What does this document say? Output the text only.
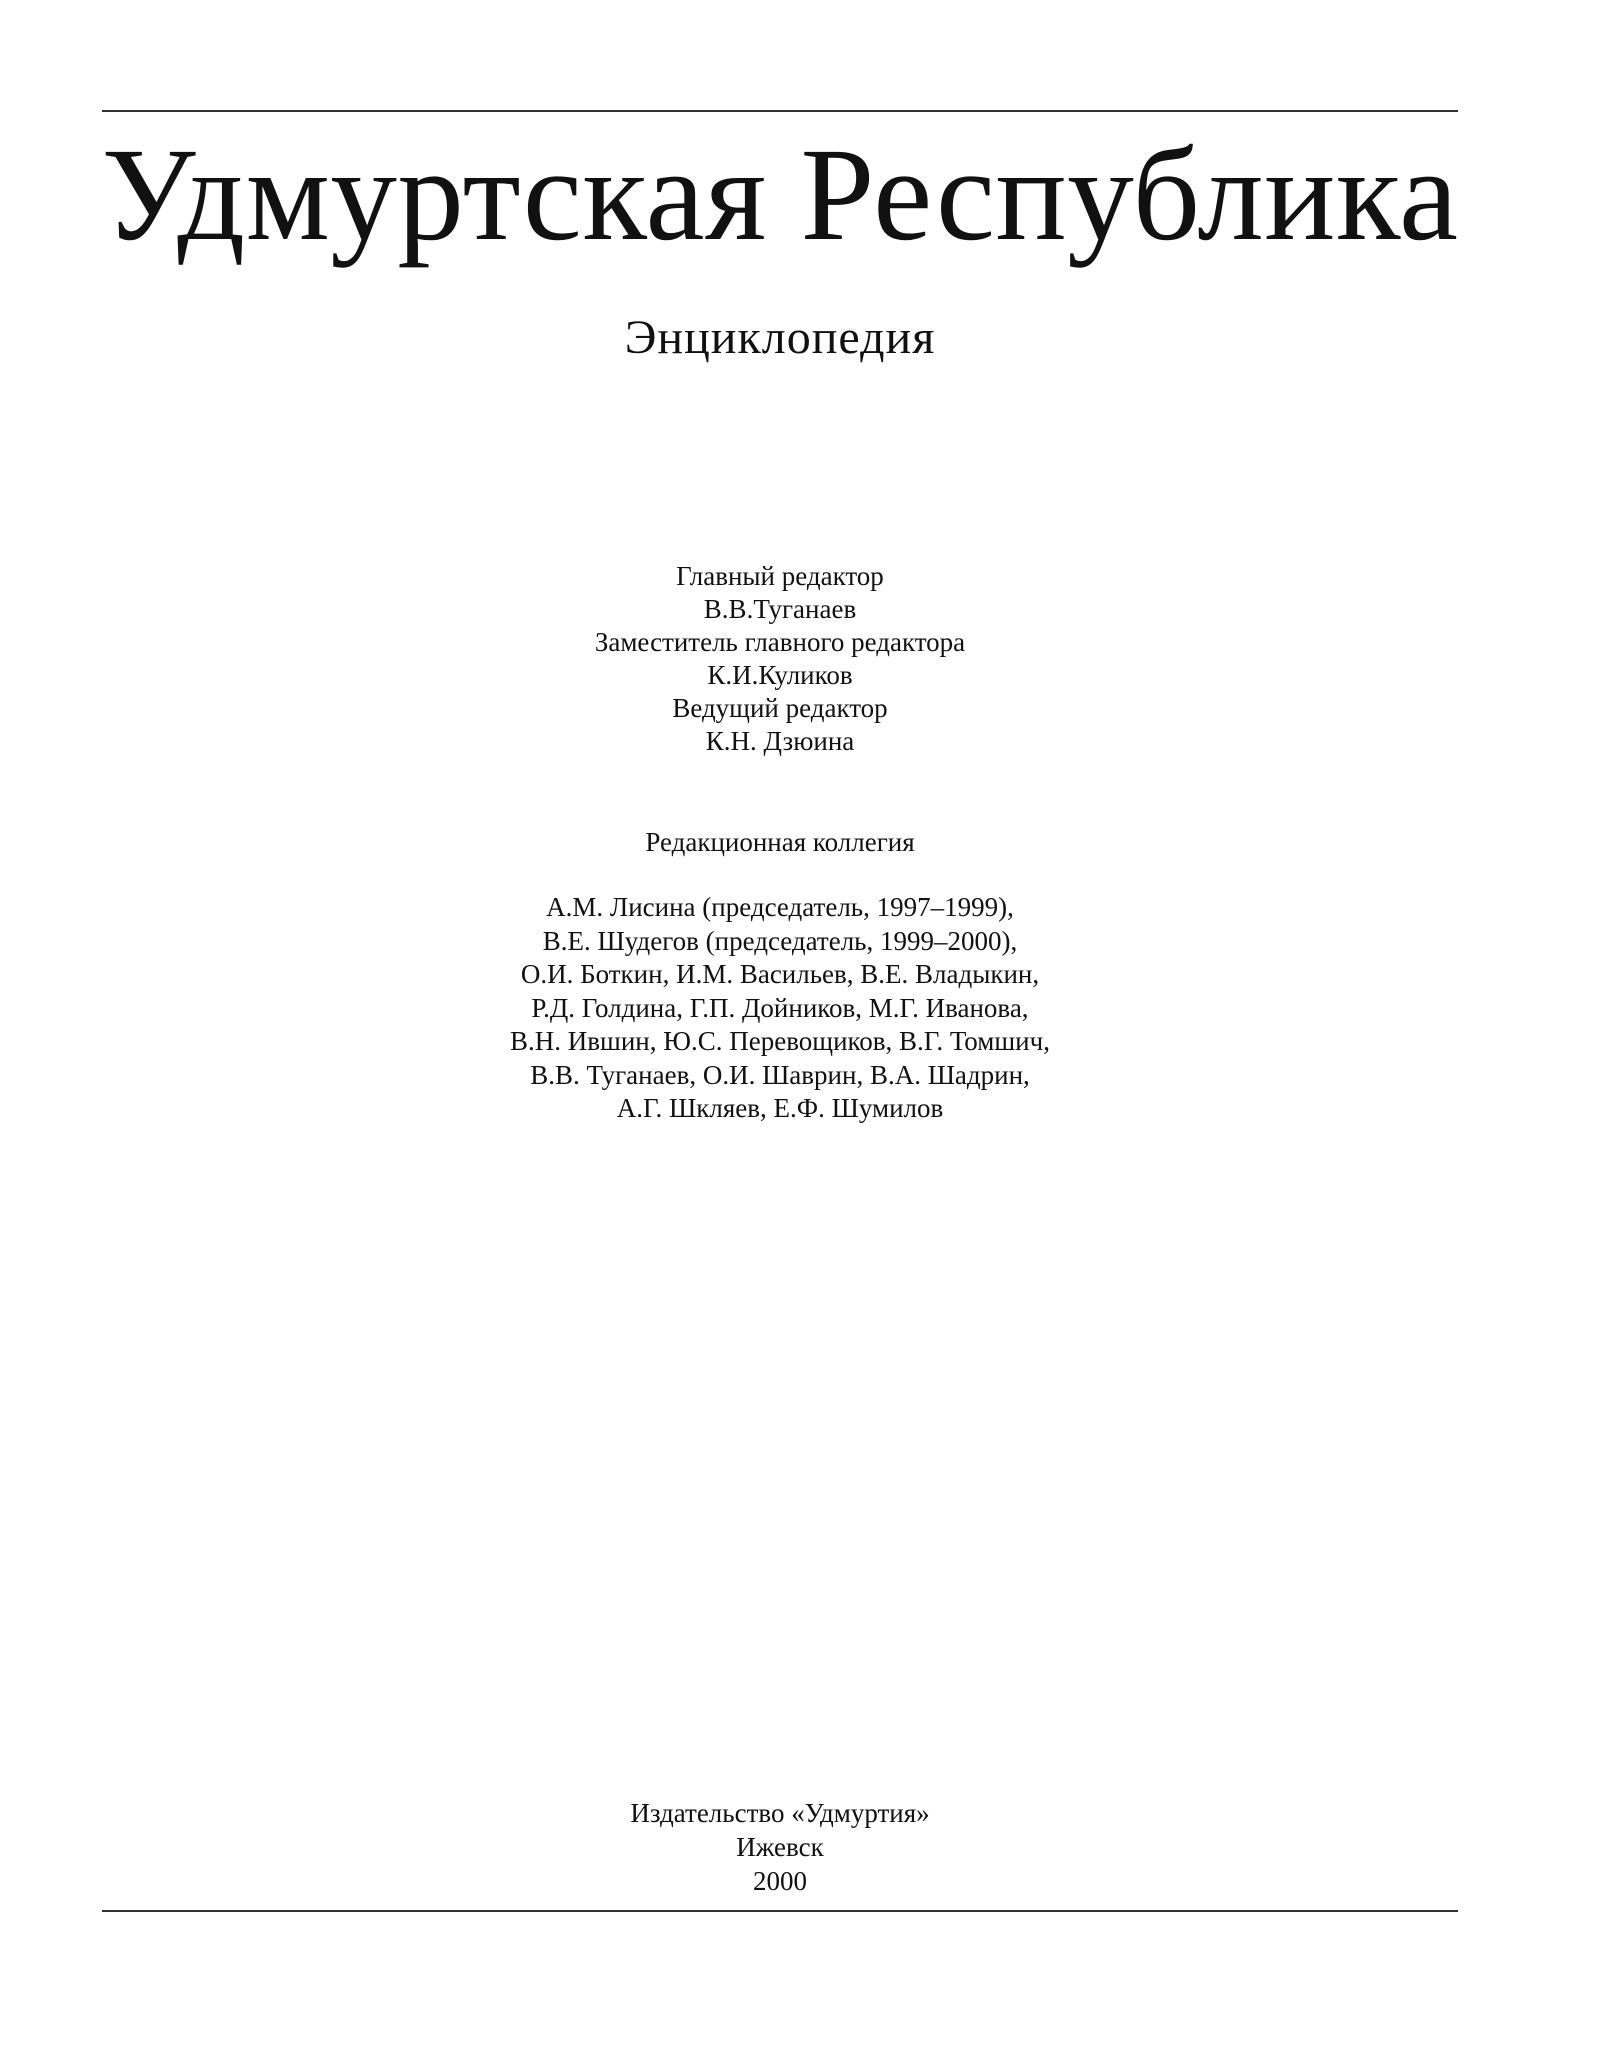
Удмуртская Республика
Энциклопедия
Главный редактор
В.В.Туганаев
Заместитель главного редактора
К.И.Куликов
Ведущий редактор
К.Н. Дзюина
Редакционная коллегия
А.М. Лисина (председатель, 1997–1999),
В.Е. Шудегов (председатель, 1999–2000),
О.И. Боткин, И.М. Васильев, В.Е. Владыкин,
Р.Д. Голдина, Г.П. Дойников, М.Г. Иванова,
В.Н. Ившин, Ю.С. Перевощиков, В.Г. Томшич,
В.В. Туганаев, О.И. Шаврин, В.А. Шадрин,
А.Г. Шкляев, Е.Ф. Шумилов
Издательство «Удмуртия»
Ижевск
2000
